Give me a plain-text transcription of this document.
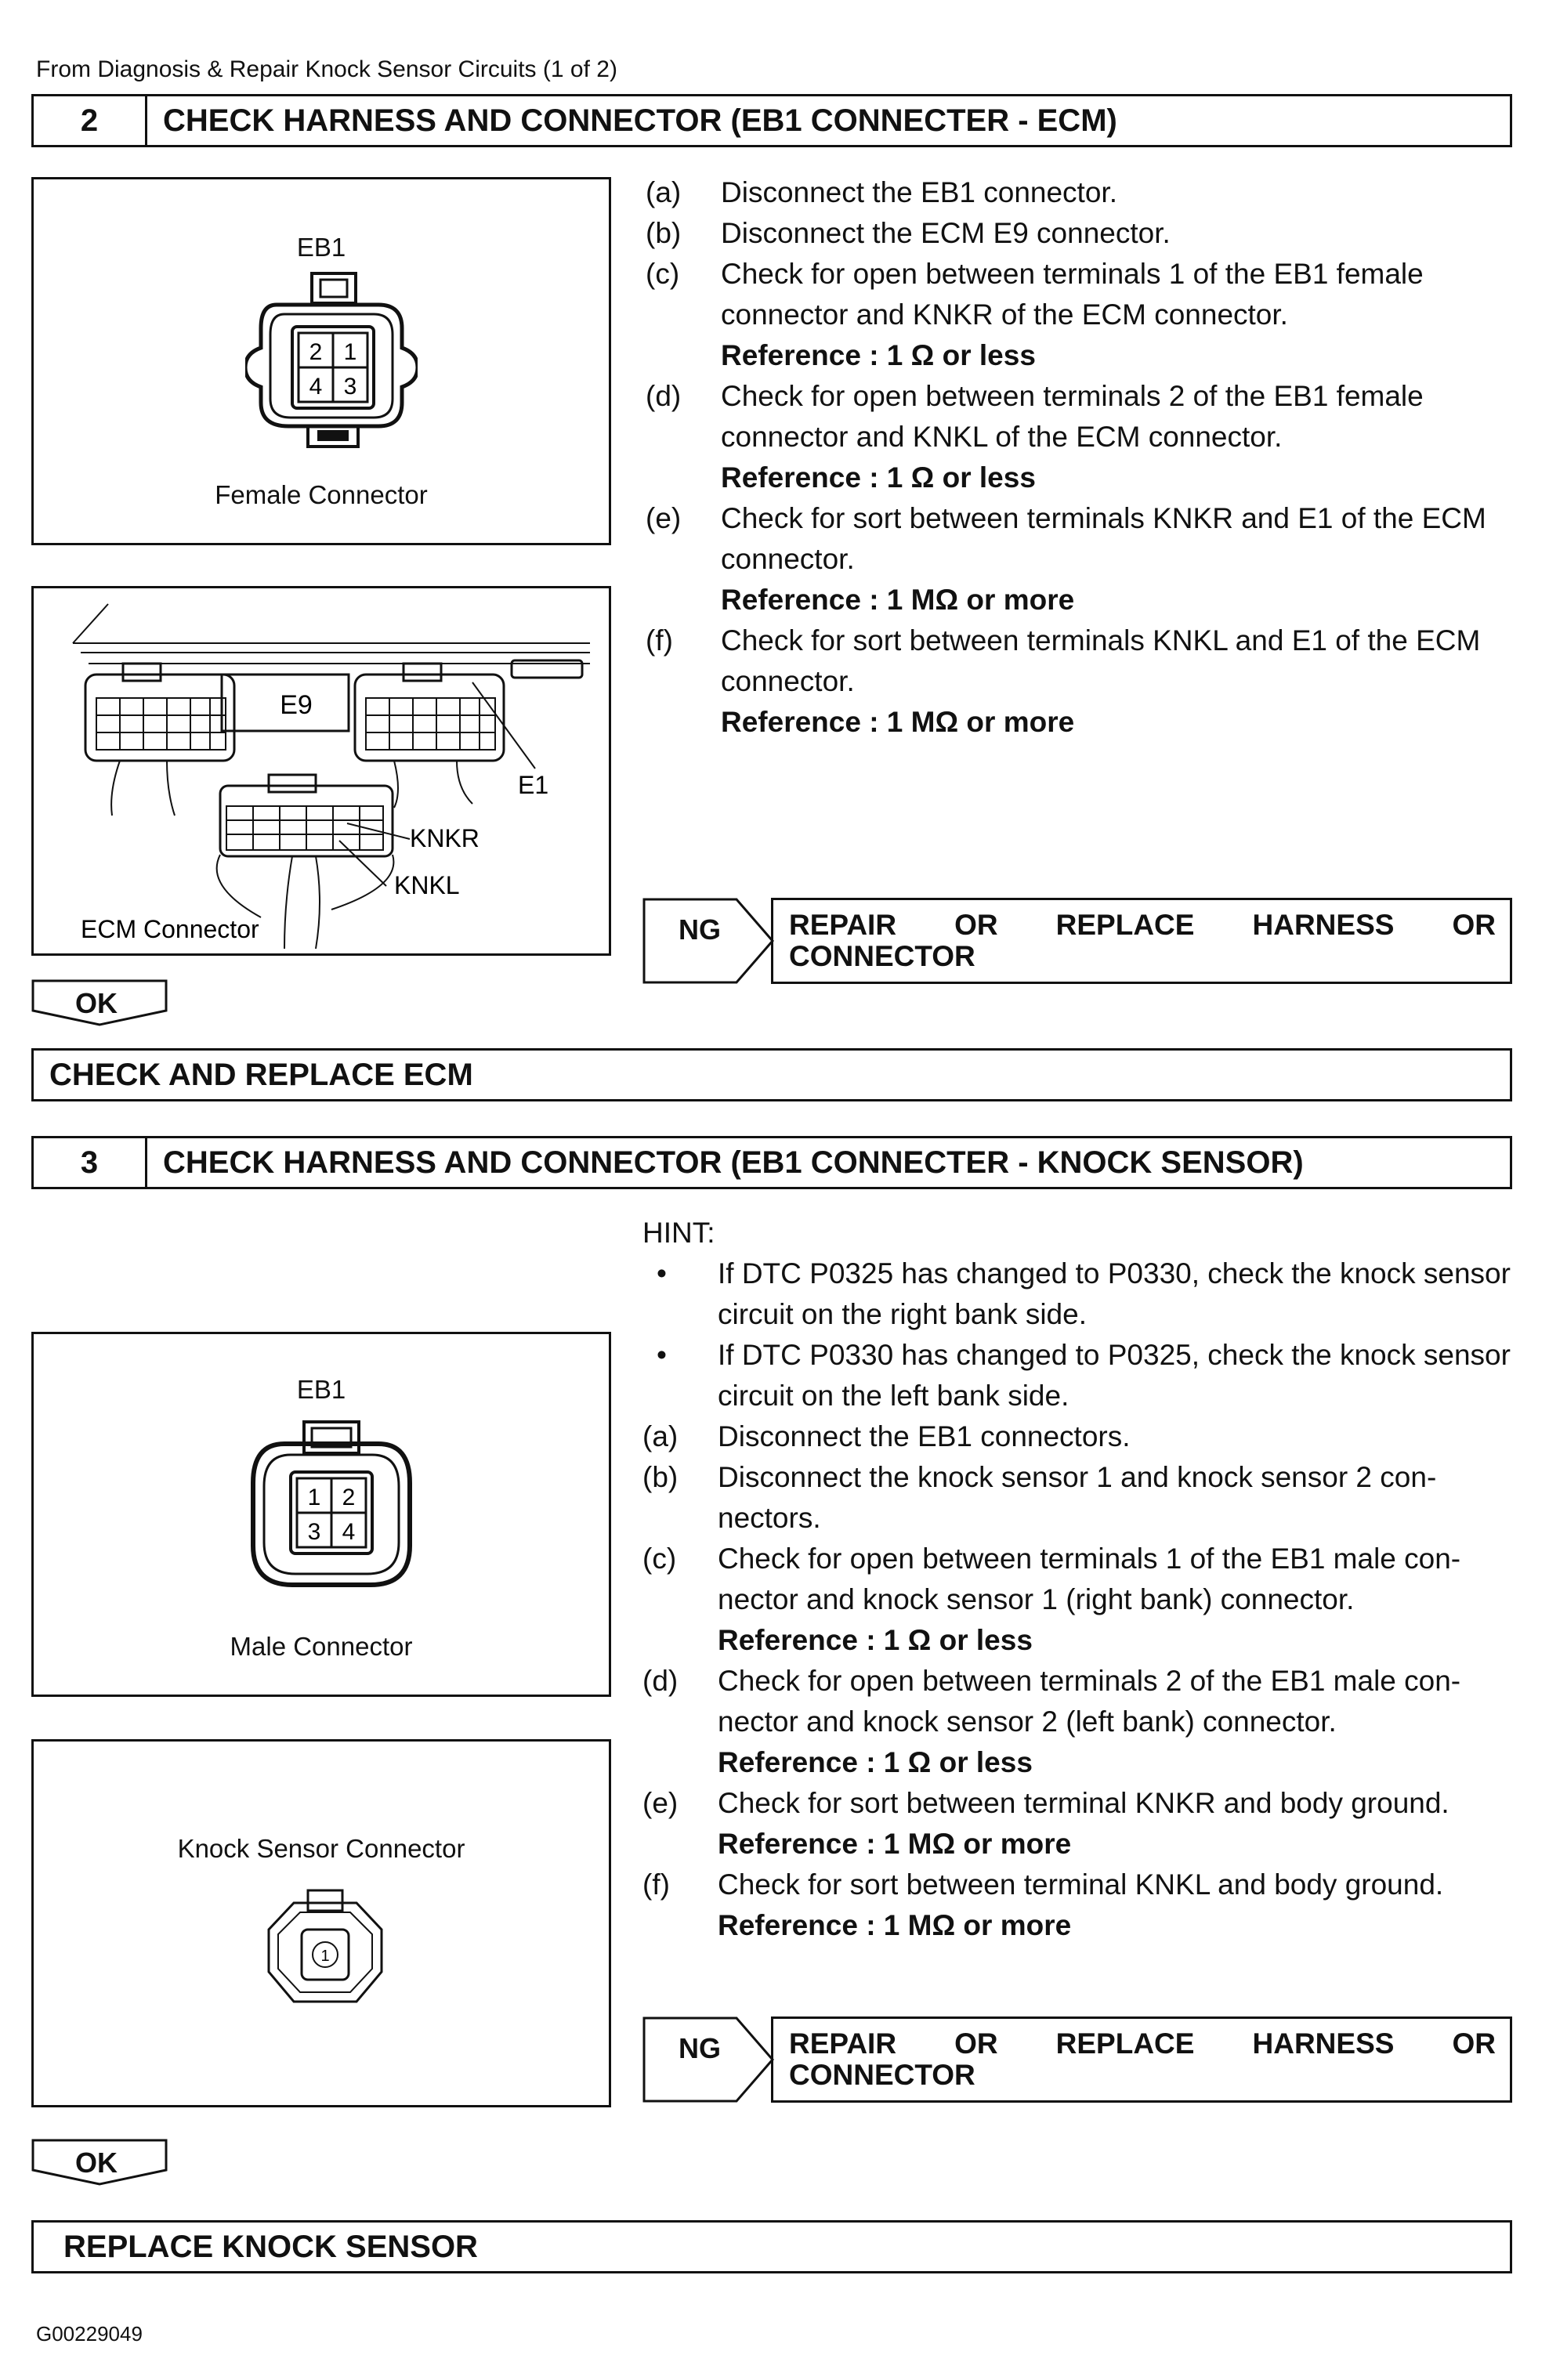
From Diagnosis & Repair Knock Sensor Circuits (1 of 2)
2	CHECK HARNESS AND CONNECTOR (EB1 CONNECTER - ECM)
EB1
2 1
4 3
Female Connector
E9
E1
KNKR
KNKL
ECM Connector
(a)	Disconnect the EB1 connector.
(b)	Disconnect the ECM E9 connector.
(c)	Check for open between terminals 1 of the EB1 female connector and KNKR of the ECM connector.
Reference : 1 Ω or less
(d)	Check for open between terminals 2 of the EB1 female connector and KNKL of the ECM connector.
Reference : 1 Ω or less
(e)	Check for sort between terminals KNKR and E1 of the ECM connector.
Reference : 1 MΩ or more
(f)	Check for sort between terminals KNKL and E1 of the ECM connector.
Reference : 1 MΩ or more
NG REPAIR OR REPLACE HARNESS OR
CONNECTOR
OK
CHECK AND REPLACE ECM
3	CHECK HARNESS AND CONNECTOR (EB1 CONNECTER - KNOCK SENSOR)
EB1
1 2
3 4
Male Connector
Knock Sensor Connector
1
HINT:
•	If DTC P0325 has changed to P0330, check the knock sensor circuit on the right bank side.
•	If DTC P0330 has changed to P0325, check the knock sensor circuit on the left bank side.
(a)	Disconnect the EB1 connectors.
(b)	Disconnect the knock sensor 1 and knock sensor 2 con- nectors.
(c)	Check for open between terminals 1 of the EB1 male con- nector and knock sensor 1 (right bank) connector.
Reference : 1 Ω or less
(d)	Check for open between terminals 2 of the EB1 male con- nector and knock sensor 2 (left bank) connector.
Reference : 1 Ω or less
(e)	Check for sort between terminal KNKR and body ground.
Reference : 1 MΩ or more
(f)	Check for sort between terminal KNKL and body ground.
Reference : 1 MΩ or more
NG REPAIR OR REPLACE HARNESS OR
CONNECTOR
OK
REPLACE KNOCK SENSOR
G00229049
